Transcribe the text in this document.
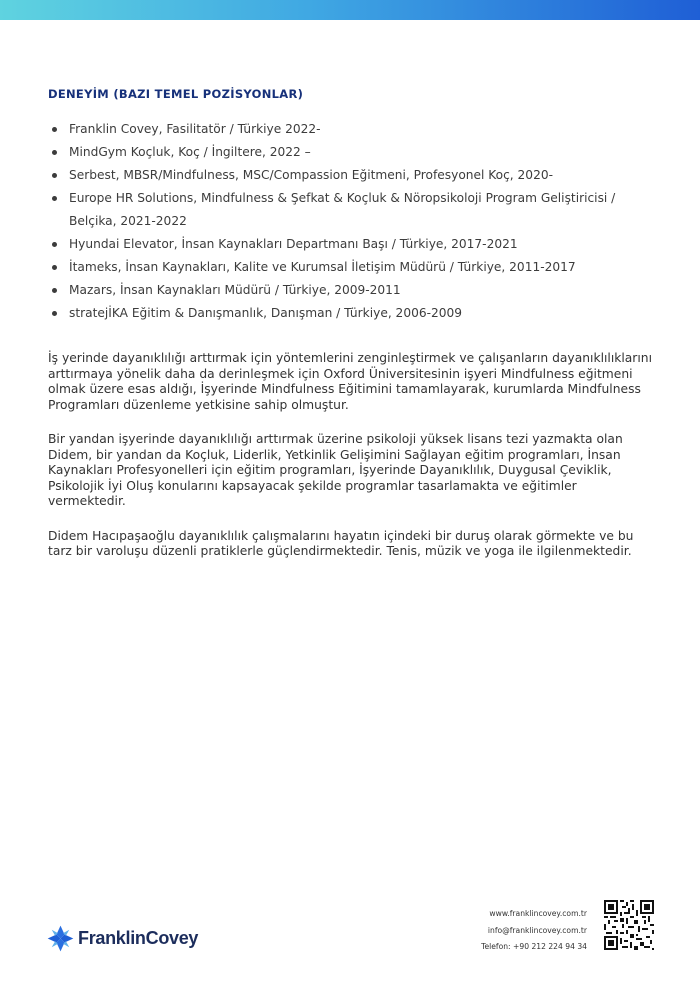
DENEYİM (BAZI TEMEL POZİSYONLAR)
Franklin Covey, Fasilitatör / Türkiye 2022-
MindGym Koçluk, Koç / İngiltere, 2022 –
Serbest, MBSR/Mindfulness, MSC/Compassion Eğitmeni, Profesyonel Koç, 2020-
Europe HR Solutions, Mindfulness & Şefkat & Koçluk & Nöropsikoloji Program Geliştiricisi / Belçika, 2021-2022
Hyundai Elevator, İnsan Kaynakları Departmanı Başı / Türkiye, 2017-2021
İtameks, İnsan Kaynakları, Kalite ve Kurumsal İletişim Müdürü / Türkiye, 2011-2017
Mazars, İnsan Kaynakları Müdürü / Türkiye, 2009-2011
stratejİKA Eğitim & Danışmanlık, Danışman / Türkiye, 2006-2009

İş yerinde dayanıklılığı arttırmak için yöntemlerini zenginleştirmek ve çalışanların dayanıklılıklarını arttırmaya yönelik daha da derinleşmek için Oxford Üniversitesinin işyeri Mindfulness eğitmeni olmak üzere esas aldığı, İşyerinde Mindfulness Eğitimini tamamlayarak, kurumlarda Mindfulness Programları düzenleme yetkisine sahip olmuştur.

Bir yandan işyerinde dayanıklılığı arttırmak üzerine psikoloji yüksek lisans tezi yazmakta olan Didem, bir yandan da Koçluk, Liderlik, Yetkinlik Gelişimini Sağlayan eğitim programları, İnsan Kaynakları Profesyonelleri için eğitim programları, İşyerinde Dayanıklılık, Duygusal Çeviklik, Psikolojik İyi Oluş konularını kapsayacak şekilde programlar tasarlamakta ve eğitimler vermektedir.

Didem Hacıpaşaoğlu dayanıklılık çalışmalarını hayatın içindeki bir duruş olarak görmekte ve bu tarz bir varoluşu düzenli pratiklerle güçlendirmektedir. Tenis, müzik ve yoga ile ilgilenmektedir.

FranklinCovey
www.franklincovey.com.tr
info@franklincovey.com.tr
Telefon: +90 212 224 94 34
